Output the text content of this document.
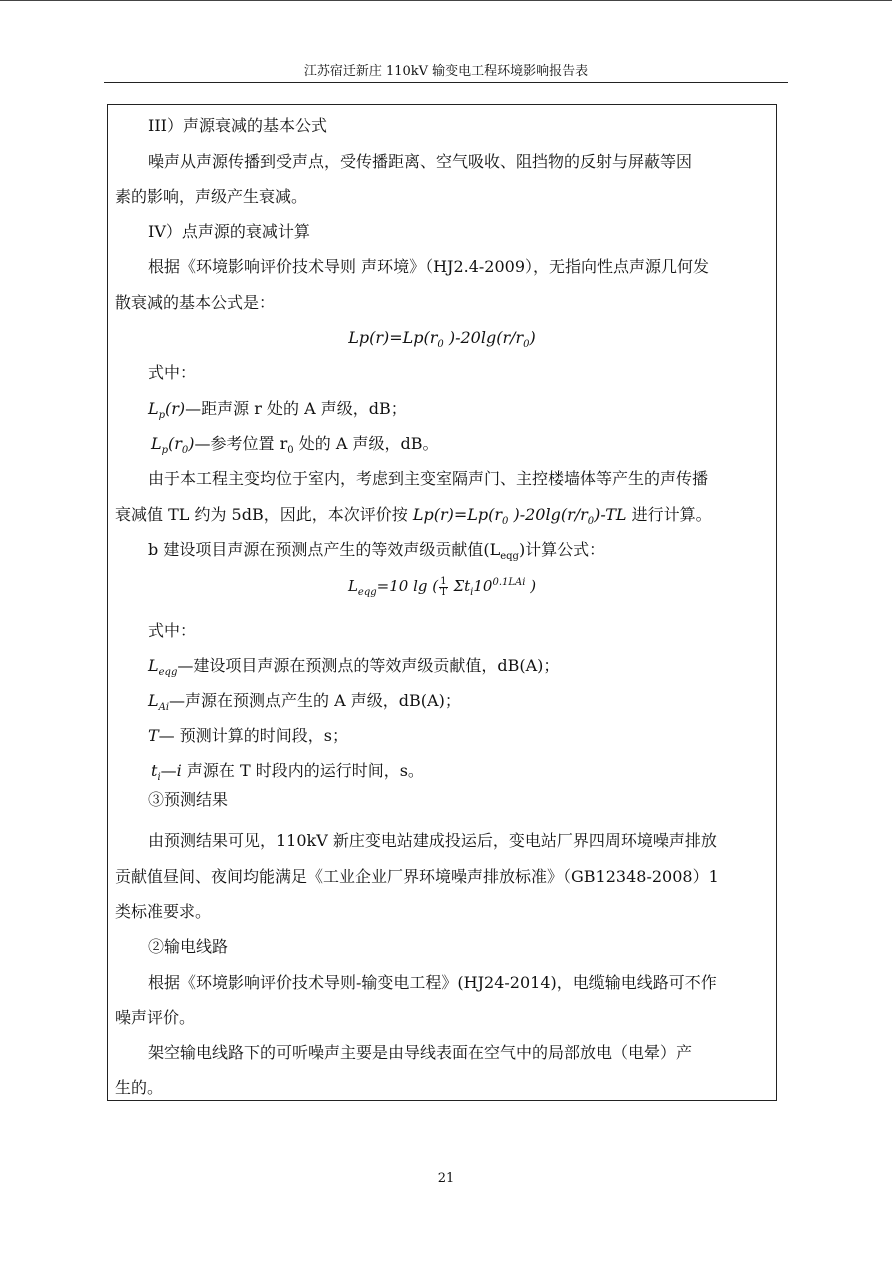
江苏宿迁新庄 110kV 输变电工程环境影响报告表

III）声源衰减的基本公式

噪声从声源传播到受声点，受传播距离、空气吸收、阻挡物的反射与屏蔽等因

素的影响，声级产生衰减。

IV）点声源的衰减计算

根据《环境影响评价技术导则 声环境》（HJ2.4-2009），无指向性点声源几何发

散衰减的基本公式是：

$Lp(r)=Lp(r_0$ )$-20\lg(r/r_0)$

式中：

$L_p(r)—$距声源 r 处的 A 声级，dB；

$L_p(r_0)—$参考位置 $r_0$ 处的 A 声级，dB。

由于本工程主变均位于室内，考虑到主变室隔声门、主控楼墙体等产生的声传播

衰减值 TL 约为 5dB，因此，本次评价按 $Lp(r)=Lp(r_0$ )$-20\lg(r/r_0)-TL$ 进行计算。

b 建设项目声源在预测点产生的等效声级贡献值$(L_{eqg})$计算公式：

$L_{eqg}=10$ lg ( $\frac{1}{T} \Sigma t_i10^{0.1LAi}$ )

式中：

$L_{eqg}—$建设项目声源在预测点的等效声级贡献值，dB(A)；

$L_{Ai}—$声源在预测点产生的 A 声级，dB(A)；

T— 预测计算的时间段，s；

$t_i—i$ 声源在 T 时段内的运行时间，s。

③预测结果

由预测结果可见，110kV 新庄变电站建成投运后，变电站厂界四周环境噪声排放

贡献值昼间、夜间均能满足《工业企业厂界环境噪声排放标准》（GB12348-2008）1

类标准要求。

②输电线路

根据《环境影响评价技术导则-输变电工程》(HJ24-2014)，电缆输电线路可不作

噪声评价。

架空输电线路下的可听噪声主要是由导线表面在空气中的局部放电（电晕）产

生的。

21
